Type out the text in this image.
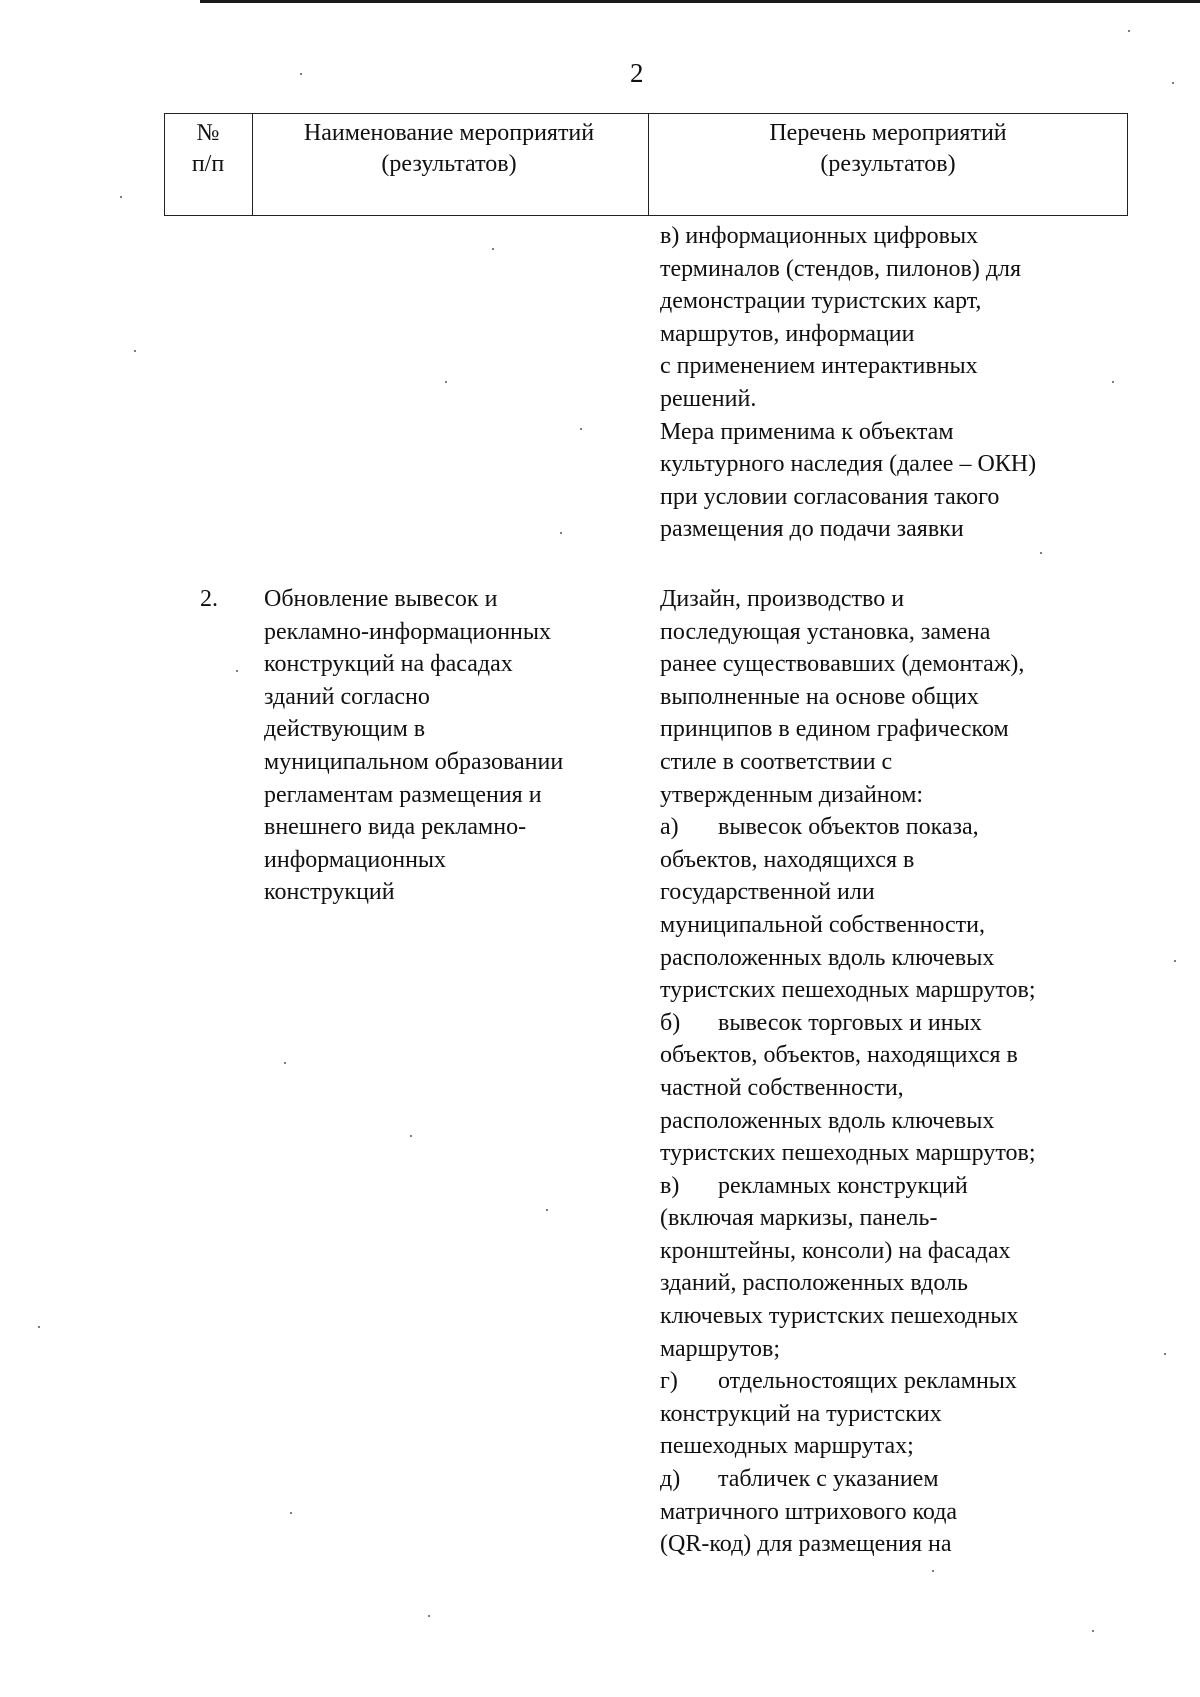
2
№
п/п
Наименование мероприятий
(результатов)
Перечень мероприятий
(результатов)
в) информационных цифровых
терминалов (стендов, пилонов) для
демонстрации туристских карт,
маршрутов, информации
с применением интерактивных
решений.
Мера применима к объектам
культурного наследия (далее – ОКН)
при условии согласования такого
размещения до подачи заявки
2. Обновление вывесок и
рекламно-информационных
конструкций на фасадах
зданий согласно
действующим в
муниципальном образовании
регламентам размещения и
внешнего вида рекламно-
информационных
конструкций
Дизайн, производство и
последующая установка, замена
ранее существовавших (демонтаж),
выполненные на основе общих
принципов в едином графическом
стиле в соответствии с
утвержденным дизайном:
а) вывесок объектов показа,
объектов, находящихся в
государственной или
муниципальной собственности,
расположенных вдоль ключевых
туристских пешеходных маршрутов;
б) вывесок торговых и иных
объектов, объектов, находящихся в
частной собственности,
расположенных вдоль ключевых
туристских пешеходных маршрутов;
в) рекламных конструкций
(включая маркизы, панель-
кронштейны, консоли) на фасадах
зданий, расположенных вдоль
ключевых туристских пешеходных
маршрутов;
г) отдельностоящих рекламных
конструкций на туристских
пешеходных маршрутах;
д) табличек с указанием
матричного штрихового кода
(QR-код) для размещения на
